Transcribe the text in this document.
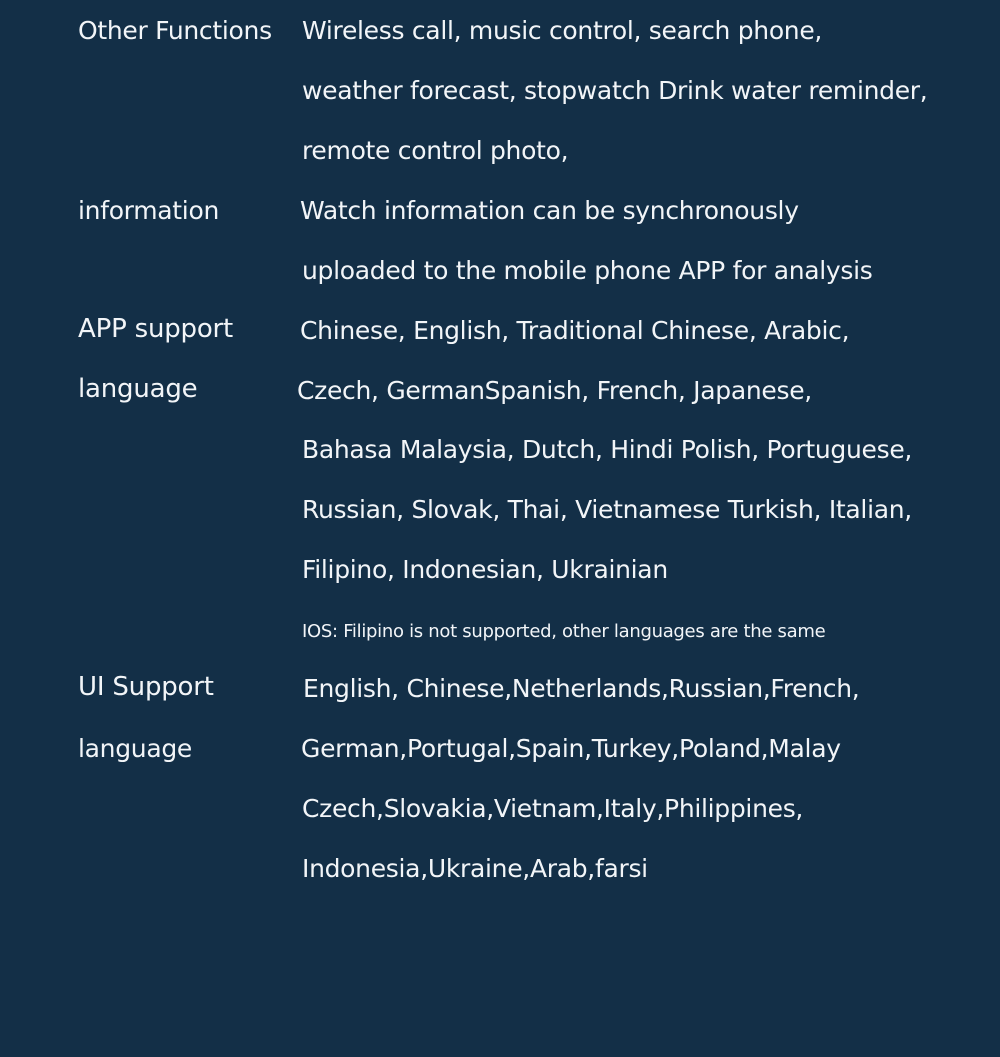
Other Functions Wireless call, music control, search phone,
weather forecast, stopwatch Drink water reminder,
remote control photo,
information	Watch information can be synchronously
uploaded to the mobile phone APP for analysis
APP support
language
Chinese, English, Traditional Chinese, Arabic,
Czech, GermanSpanish, French, Japanese,
Bahasa Malaysia, Dutch, Hindi Polish, Portuguese,
Russian, Slovak, Thai, Vietnamese Turkish, Italian,
Filipino, Indonesian, Ukrainian
IOS: Filipino is not supported, other languages are the same
UI Support
language
English, Chinese,Netherlands,Russian,French,
German,Portugal,Spain,Turkey,Poland,Malay
Czech,Slovakia,Vietnam,Italy,Philippines,
Indonesia,Ukraine,Arab,farsi
